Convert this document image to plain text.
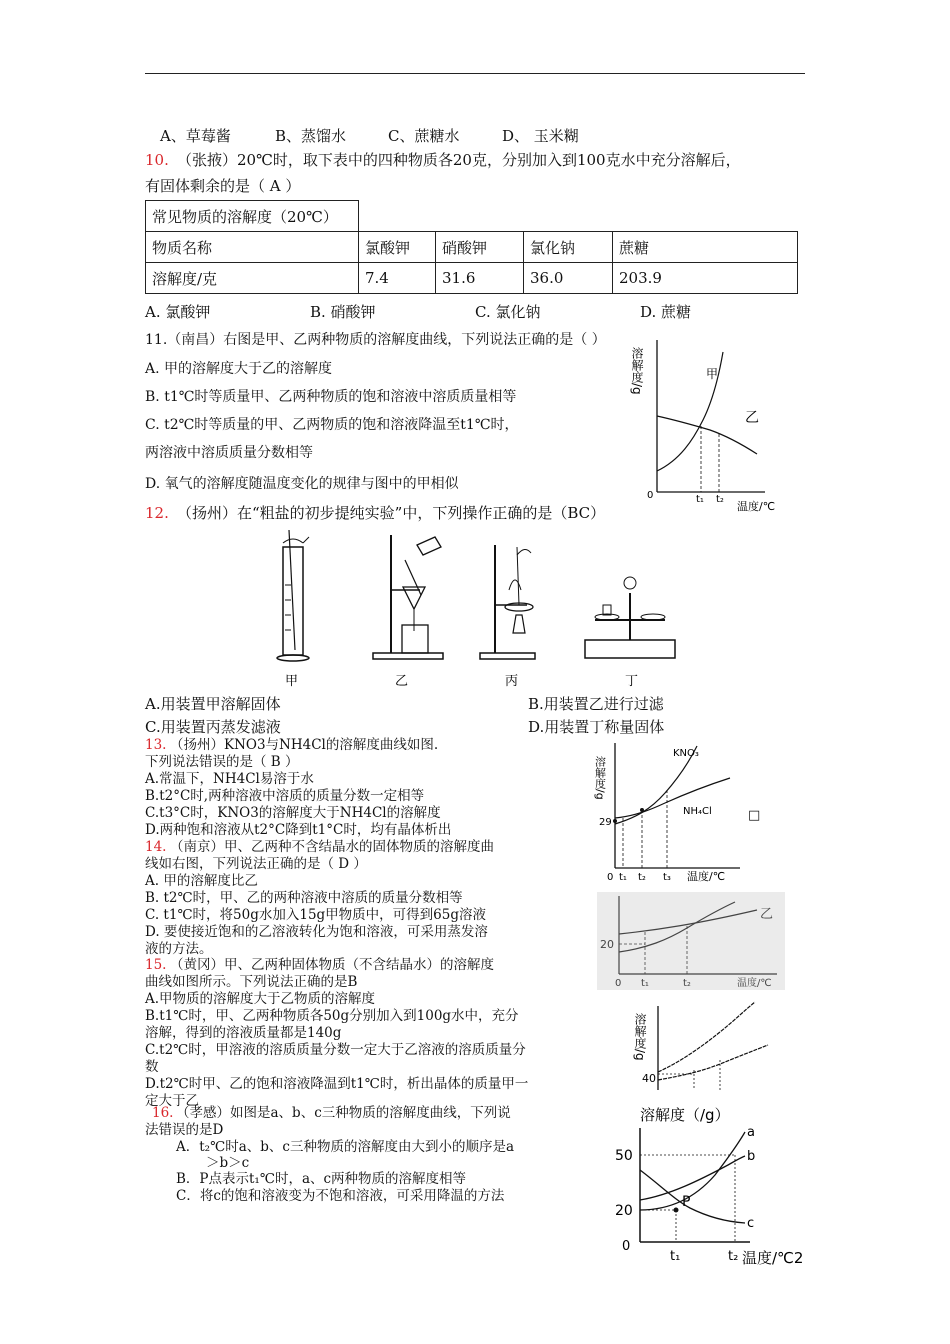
A、草莓酱	B、蒸馏水	C、蔗糖水	D、 玉米糊
10. （张掖）20℃时，取下表中的四种物质各20克，分别加入到100克水中充分溶解后，
有固体剩余的是（ A ）
常见物质的溶解度（20℃）				
物质名称	氯酸钾	硝酸钾	氯化钠	蔗糖
溶解度/克	7.4	31.6	36.0	203.9
A. 氯酸钾	B. 硝酸钾	C. 氯化钠	D. 蔗糖
11.（南昌）右图是甲、乙两种物质的溶解度曲线，下列说法正确的是（ ）
A. 甲的溶解度大于乙的溶解度
B. t1℃时等质量甲、乙两种物质的饱和溶液中溶质质量相等
C. t2℃时等质量的甲、乙两物质的饱和溶液降温至t1℃时，
两溶液中溶质质量分数相等
D. 氧气的溶解度随温度变化的规律与图中的甲相似
溶解度/g	甲
乙
0	t₁ t₂
温度/℃
12. （扬州）在“粗盐的初步提纯实验”中，下列操作正确的是（BC）
甲	乙	丙	丁
A.用装置甲溶解固体	B.用装置乙进行过滤
C.用装置丙蒸发滤液	D.用装置丁称量固体
13. （扬州）KNO3与NH4Cl的溶解度曲线如图.
下列说法错误的是（ B ）
A.常温下，NH4Cl易溶于水
B.t2°C时,两种溶液中溶质的质量分数一定相等
C.t3°C时，KNO3的溶解度大于NH4Cl的溶解度
D.两种饱和溶液从t2°C降到t1°C时，均有晶体析出
溶解度/g
KNO₃
NH₄Cl
29
0 t₁ t₂ t₃ 温度/℃
□
14. （南京）甲、乙两种不含结晶水的固体物质的溶解度曲
线如右图，下列说法正确的是（ D ）
A. 甲的溶解度比乙
B. t2℃时，甲、乙的两种溶液中溶质的质量分数相等
C. t1℃时，将50g水加入15g甲物质中，可得到65g溶液
D. 要使接近饱和的乙溶液转化为饱和溶液，可采用蒸发溶
液的方法。
乙
20
0 t₁	t₂	温度/℃
15. （黄冈）甲、乙两种固体物质（不含结晶水）的溶解度
曲线如图所示。下列说法正确的是B
A.甲物质的溶解度大于乙物质的溶解度
B.t1℃时，甲、乙两种物质各50g分别加入到100g水中，充分
溶解，得到的溶液质量都是140g
C.t2℃时，甲溶液的溶质质量分数一定大于乙溶液的溶质质量分
数
D.t2℃时甲、乙的饱和溶液降温到t1℃时，析出晶体的质量甲一
定大于乙
溶解度/g
40
16. （孝感）如图是a、b、c三种物质的溶解度曲线，下列说
法错误的是D
A．t₂℃时a、b、c三种物质的溶解度由大到小的顺序是a
＞b＞c
B．P点表示t₁℃时，a、c两种物质的溶解度相等
C．将c的饱和溶液变为不饱和溶液，可采用降温的方法
溶解度（/g）
a
b
c
P
50
20
0
t₁	t₂ 温度/℃2
